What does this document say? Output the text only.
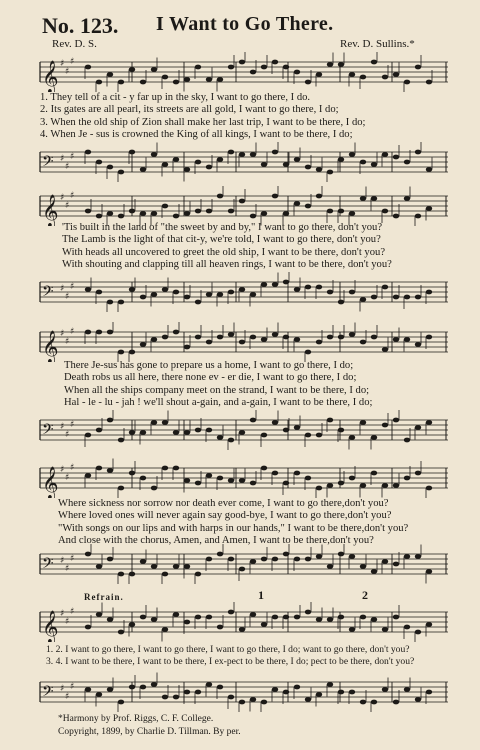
No. 123. I Want to Go There.
Rev. D. S.	Rev. D. Sullins.*
𝄞 ♯
♯
♯
1. They tell of a cit - y far up in the sky, I want to go there, I do.
2. Its gates are all pearl, its streets are all gold, I want to go there, I do;
3. When the old ship of Zion shall make her last trip, I want to be there, I do;
4. When Je - sus is crowned the King of all kings, I want to be there, I do;
𝄢 ♯
♯
♯
𝄞 ♯
♯
♯
'Tis built in the land of "the sweet by and by," I want to go there, don't you?
The Lamb is the light of that cit-y, we're told, I want to go there, don't you?
With heads all uncovered to greet the old ship, I want to be there, don't you?
With shouting and clapping till all heaven rings, I want to be there, don't you?
𝄢 ♯
♯
♯
𝄞 ♯
♯
♯
There Je-sus has gone to prepare us a home, I want to go there, I do;
Death robs us all here, there none ev - er die, I want to go there, I do;
When all the ships company meet on the strand, I want to be there, I do;
Hal - le - lu - jah ! we'll shout a-gain, and a-gain, I want to be there, I do;
𝄢 ♯
♯
♯
𝄞 ♯
♯
♯
Where sickness nor sorrow nor death ever come, I want to go there,don't you?
Where loved ones will never again say good-bye, I want to go there,don't you?
"With songs on our lips and with harps in our hands," I want to be there,don't you?
And close with the chorus, Amen, and Amen, I want to be there,don't you?
𝄢 ♯
♯
♯
Refrain.	1	2
𝄞 ♯
♯
♯
1. 2. I want to go there, I want to go there, I want to go there, I do; want to go there, don't you?
3. 4. I want to be there, I want to be there, I ex-pect to be there, I do; pect to be there, don't you?
𝄢 ♯
♯
♯
*Harmony by Prof. Riggs, C. F. College.
Copyright, 1899, by Charlie D. Tillman. By per.
